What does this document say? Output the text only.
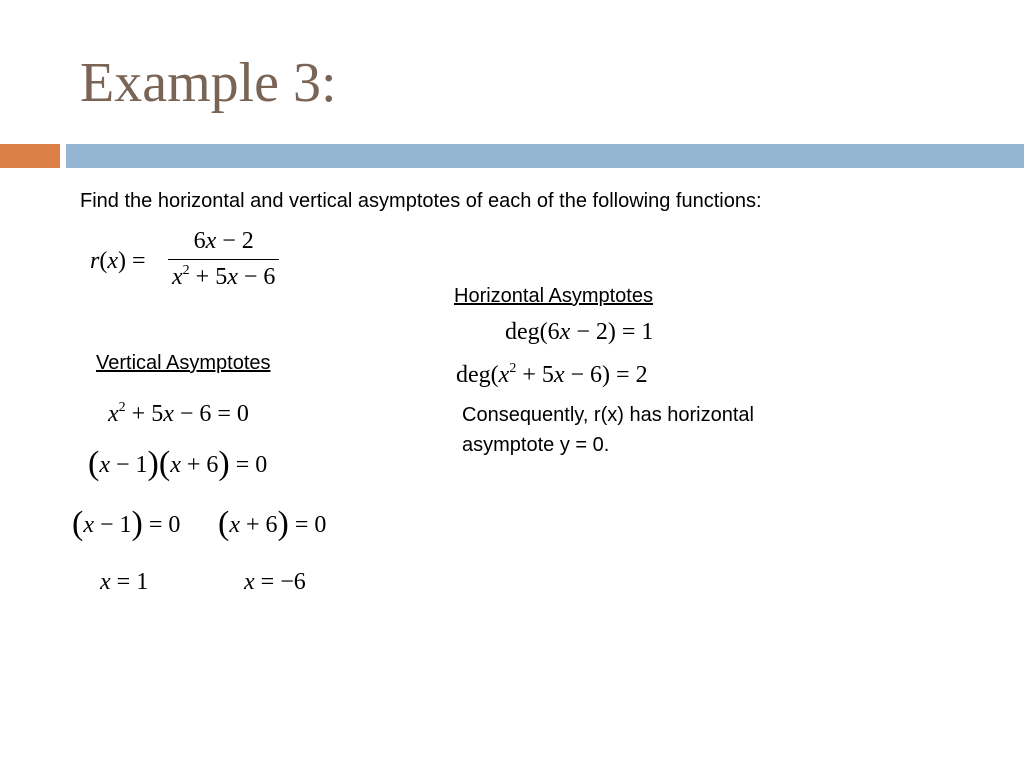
Example 3:

Find the horizontal and vertical asymptotes of each of the following functions:

r(x) =
6x − 2
$x^2 + 5x - 6$

Horizontal Asymptotes

deg(6x − 2) = 1
$deg(x^2 + 5x - 6) = 2$

Consequently, r(x) has horizontal

asymptote y = 0.

Vertical Asymptotes

$x^2 + 5x - 6 = 0$
(x − 1)(x + 6) = 0
(x − 1) = 0 (x + 6) = 0
x = 1	x = −6
